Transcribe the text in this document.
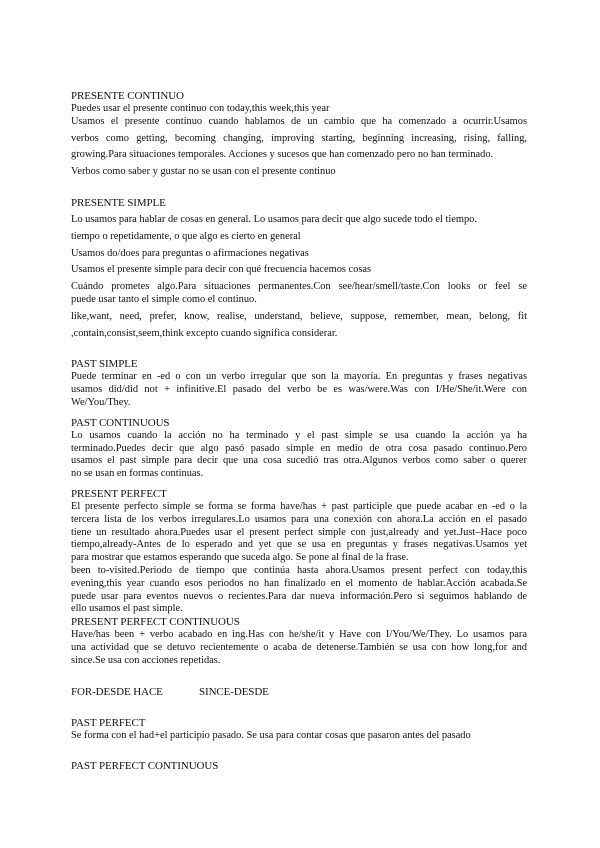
PRESENTE CONTINUO
Puedes usar el presente continuo con today,this week,this year
Usamos el presente continuo cuando hablamos de un cambio que ha comenzado a ocurrir.Usamos
verbos como getting, becoming changing, improving starting, beginning increasing, rising, falling,
growing.Para situaciones temporales. Acciones y sucesos que han comenzado pero no han terminado.
Verbos como saber y gustar no se usan con el presente continuo
PRESENTE SIMPLE
Lo usamos para hablar de cosas en general. Lo usamos para decir que algo sucede todo el tiempo.
tiempo o repetidamente, o que algo es cierto en general
Usamos do/does para preguntas o afirmaciones negativas
Usamos el presente simple para decir con qué frecuencia hacemos cosas
Cuándo prometes algo.Para situaciones permanentes.Con see/hear/smell/taste.Con looks or feel se
puede usar tanto el simple como el continuo.
like,want, need, prefer, know, realise, understand, believe, suppose, remember, mean, belong, fit
,contain,consist,seem,think excepto cuando significa considerar.
PAST SIMPLE
Puede terminar en -ed o con un verbo irregular que son la mayoría. En preguntas y frases negativas
usamos did/did not + infinitive.El pasado del verbo be es was/were.Was con I/He/She/it.Were con
We/You/They.
PAST CONTINUOUS
Lo usamos cuando la acción no ha terminado y el past simple se usa cuando la acción ya ha
terminado.Puedes decir que algo pasó pasado simple en medio de otra cosa pasado continuo.Pero
usamos el past simple para decir que una cosa sucedió tras otra.Algunos verbos como saber o querer
no se usan en formas continuas.
PRESENT PERFECT
El presente perfecto simple se forma se forma have/has + past participle que puede acabar en -ed o la
tercera lista de los verbos irregulares.Lo usamos para una conexión con ahora.La acción en el pasado
tiene un resultado ahora.Puedes usar el present perfect simple con just,already and yet.Just–Hace poco
tiempo,already-Antes de lo esperado and yet que se usa en preguntas y frases negativas.Usamos yet
para mostrar que estamos esperando que suceda algo. Se pone al final de la frase.
been to-visited.Periodo de tiempo que continúa hasta ahora.Usamos present perfect con today,this
evening,this year cuando esos periodos no han finalizado en el momento de hablar.Acción acabada.Se
puede usar para eventos nuevos o recientes.Para dar nueva información.Pero si seguimos hablando de
ello usamos el past simple.
PRESENT PERFECT CONTINUOUS
Have/has been + verbo acabado en ing.Has con he/she/it y Have con I/You/We/They. Lo usamos para
una actividad que se detuvo recientemente o acaba de detenerse.También se usa con how long,for and
since.Se usa con acciones repetidas.
FOR-DESDE HACE	SINCE-DESDE
PAST PERFECT
Se forma con el had+el participio pasado. Se usa para contar cosas que pasaron antes del pasado
PAST PERFECT CONTINUOUS
